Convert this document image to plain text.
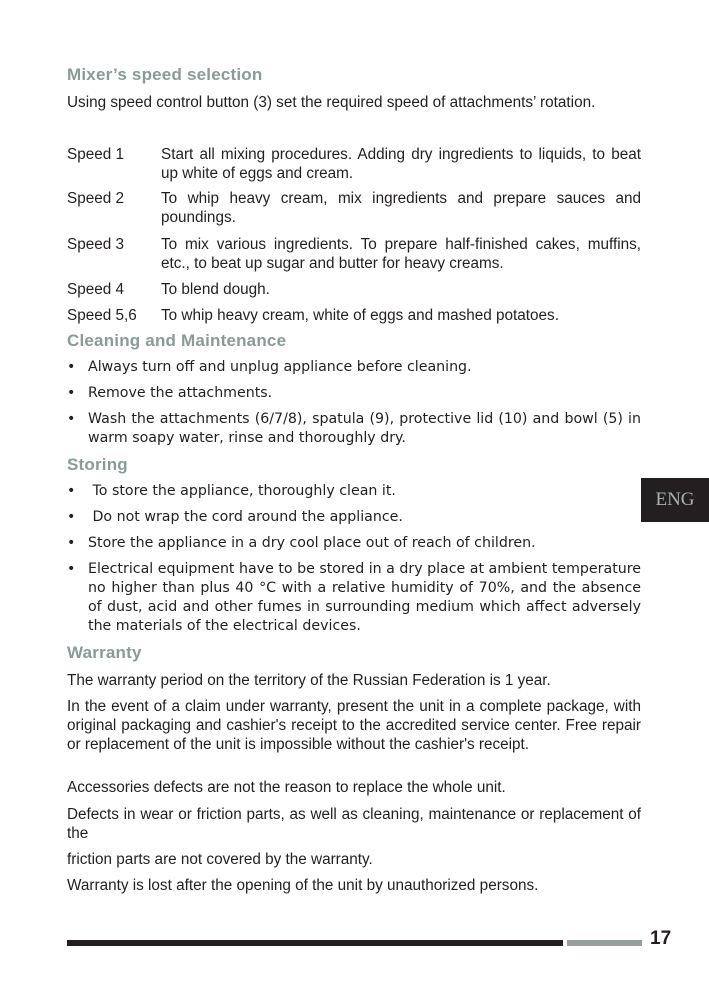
Mixer’s speed selection
Using speed control button (3) set the required speed of attachments’ rotation.
Speed 1	Start all mixing procedures. Adding dry ingredients to liquids, to beat up white of eggs and cream.
Speed 2	To whip heavy cream, mix ingredients and prepare sauces and poundings.
Speed 3	To mix various ingredients. To prepare half-finished cakes, muffins, etc., to beat up sugar and butter for heavy creams.
Speed 4	To blend dough.
Speed 5,6	To whip heavy cream, white of eggs and mashed potatoes.
Cleaning and Maintenance
• Always turn off and unplug appliance before cleaning.
• Remove the attachments.
• Wash the attachments (6/7/8), spatula (9), protective lid (10) and bowl (5) in warm soapy water, rinse and thoroughly dry.
Storing
• To store the appliance, thoroughly clean it.
• Do not wrap the cord around the appliance.
• Store the appliance in a dry cool place out of reach of children.
• Electrical equipment have to be stored in a dry place at ambient temperature no higher than plus 40 °C with a relative humidity of 70%, and the absence of dust, acid and other fumes in surrounding medium which affect adversely the materials of the electrical devices.
Warranty
The warranty period on the territory of the Russian Federation is 1 year.
In the event of a claim under warranty, present the unit in a complete package, with original packaging and cashier's receipt to the accredited service center. Free repair or replacement of the unit is impossible without the cashier's receipt.
Accessories defects are not the reason to replace the whole unit.
Defects in wear or friction parts, as well as cleaning, maintenance or replacement of the
friction parts are not covered by the warranty.
Warranty is lost after the opening of the unit by unauthorized persons.
ENG
17
